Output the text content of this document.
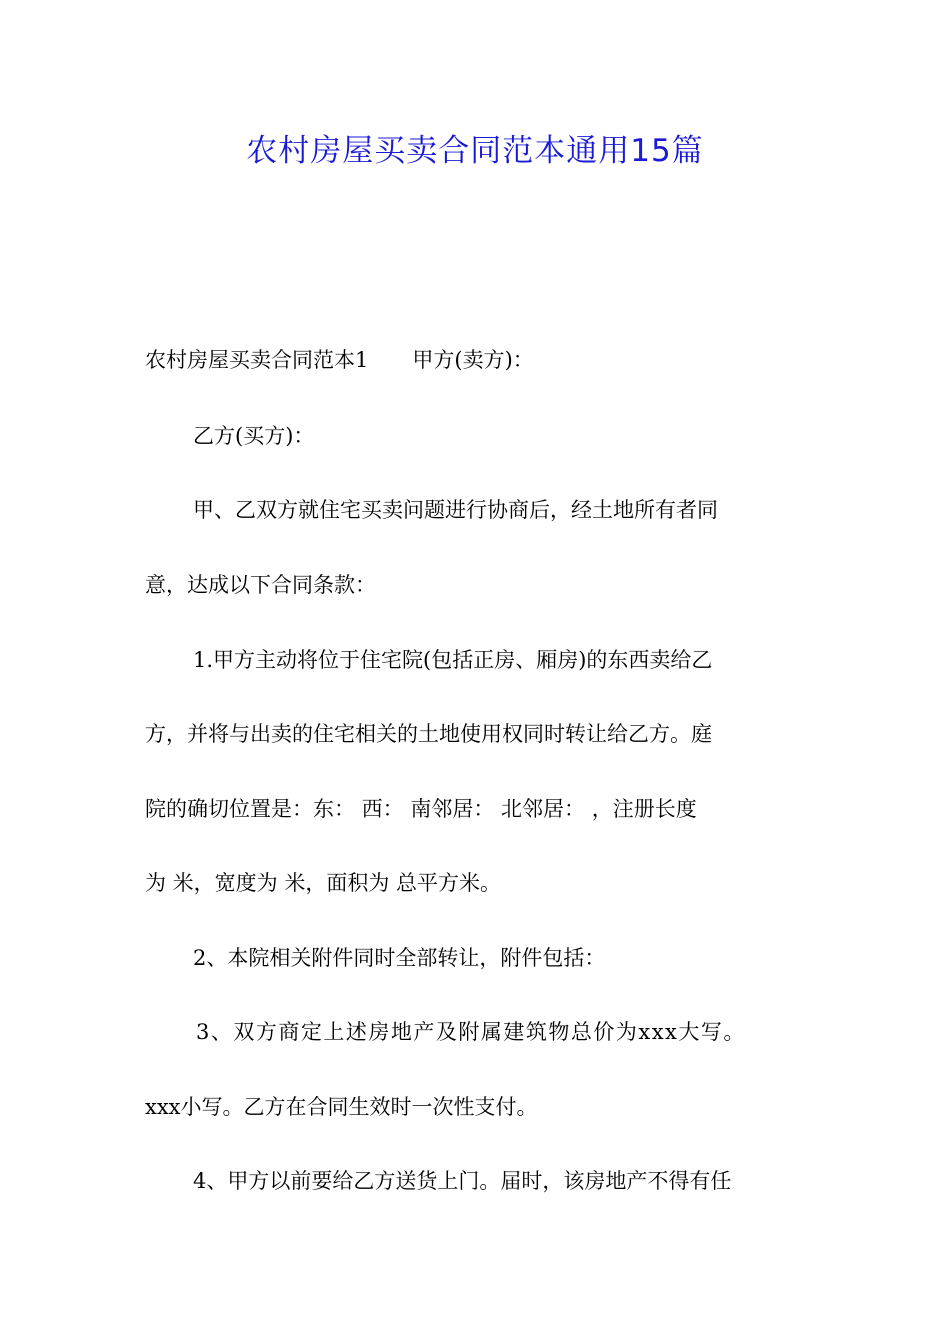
农村房屋买卖合同范本通用15篇

农村房屋买卖合同范本1 甲方(卖方)：

乙方(买方)：

甲、乙双方就住宅买卖问题进行协商后，经土地所有者同

意，达成以下合同条款：

1.甲方主动将位于住宅院(包括正房、厢房)的东西卖给乙

方，并将与出卖的住宅相关的土地使用权同时转让给乙方。庭

院的确切位置是：东： 西： 南邻居： 北邻居： ，注册长度

为 米，宽度为 米，面积为 总平方米。

2、本院相关附件同时全部转让，附件包括：

3、双方商定上述房地产及附属建筑物总价为xxx大写。

xxx小写。乙方在合同生效时一次性支付。

4、甲方以前要给乙方送货上门。届时，该房地产不得有任
